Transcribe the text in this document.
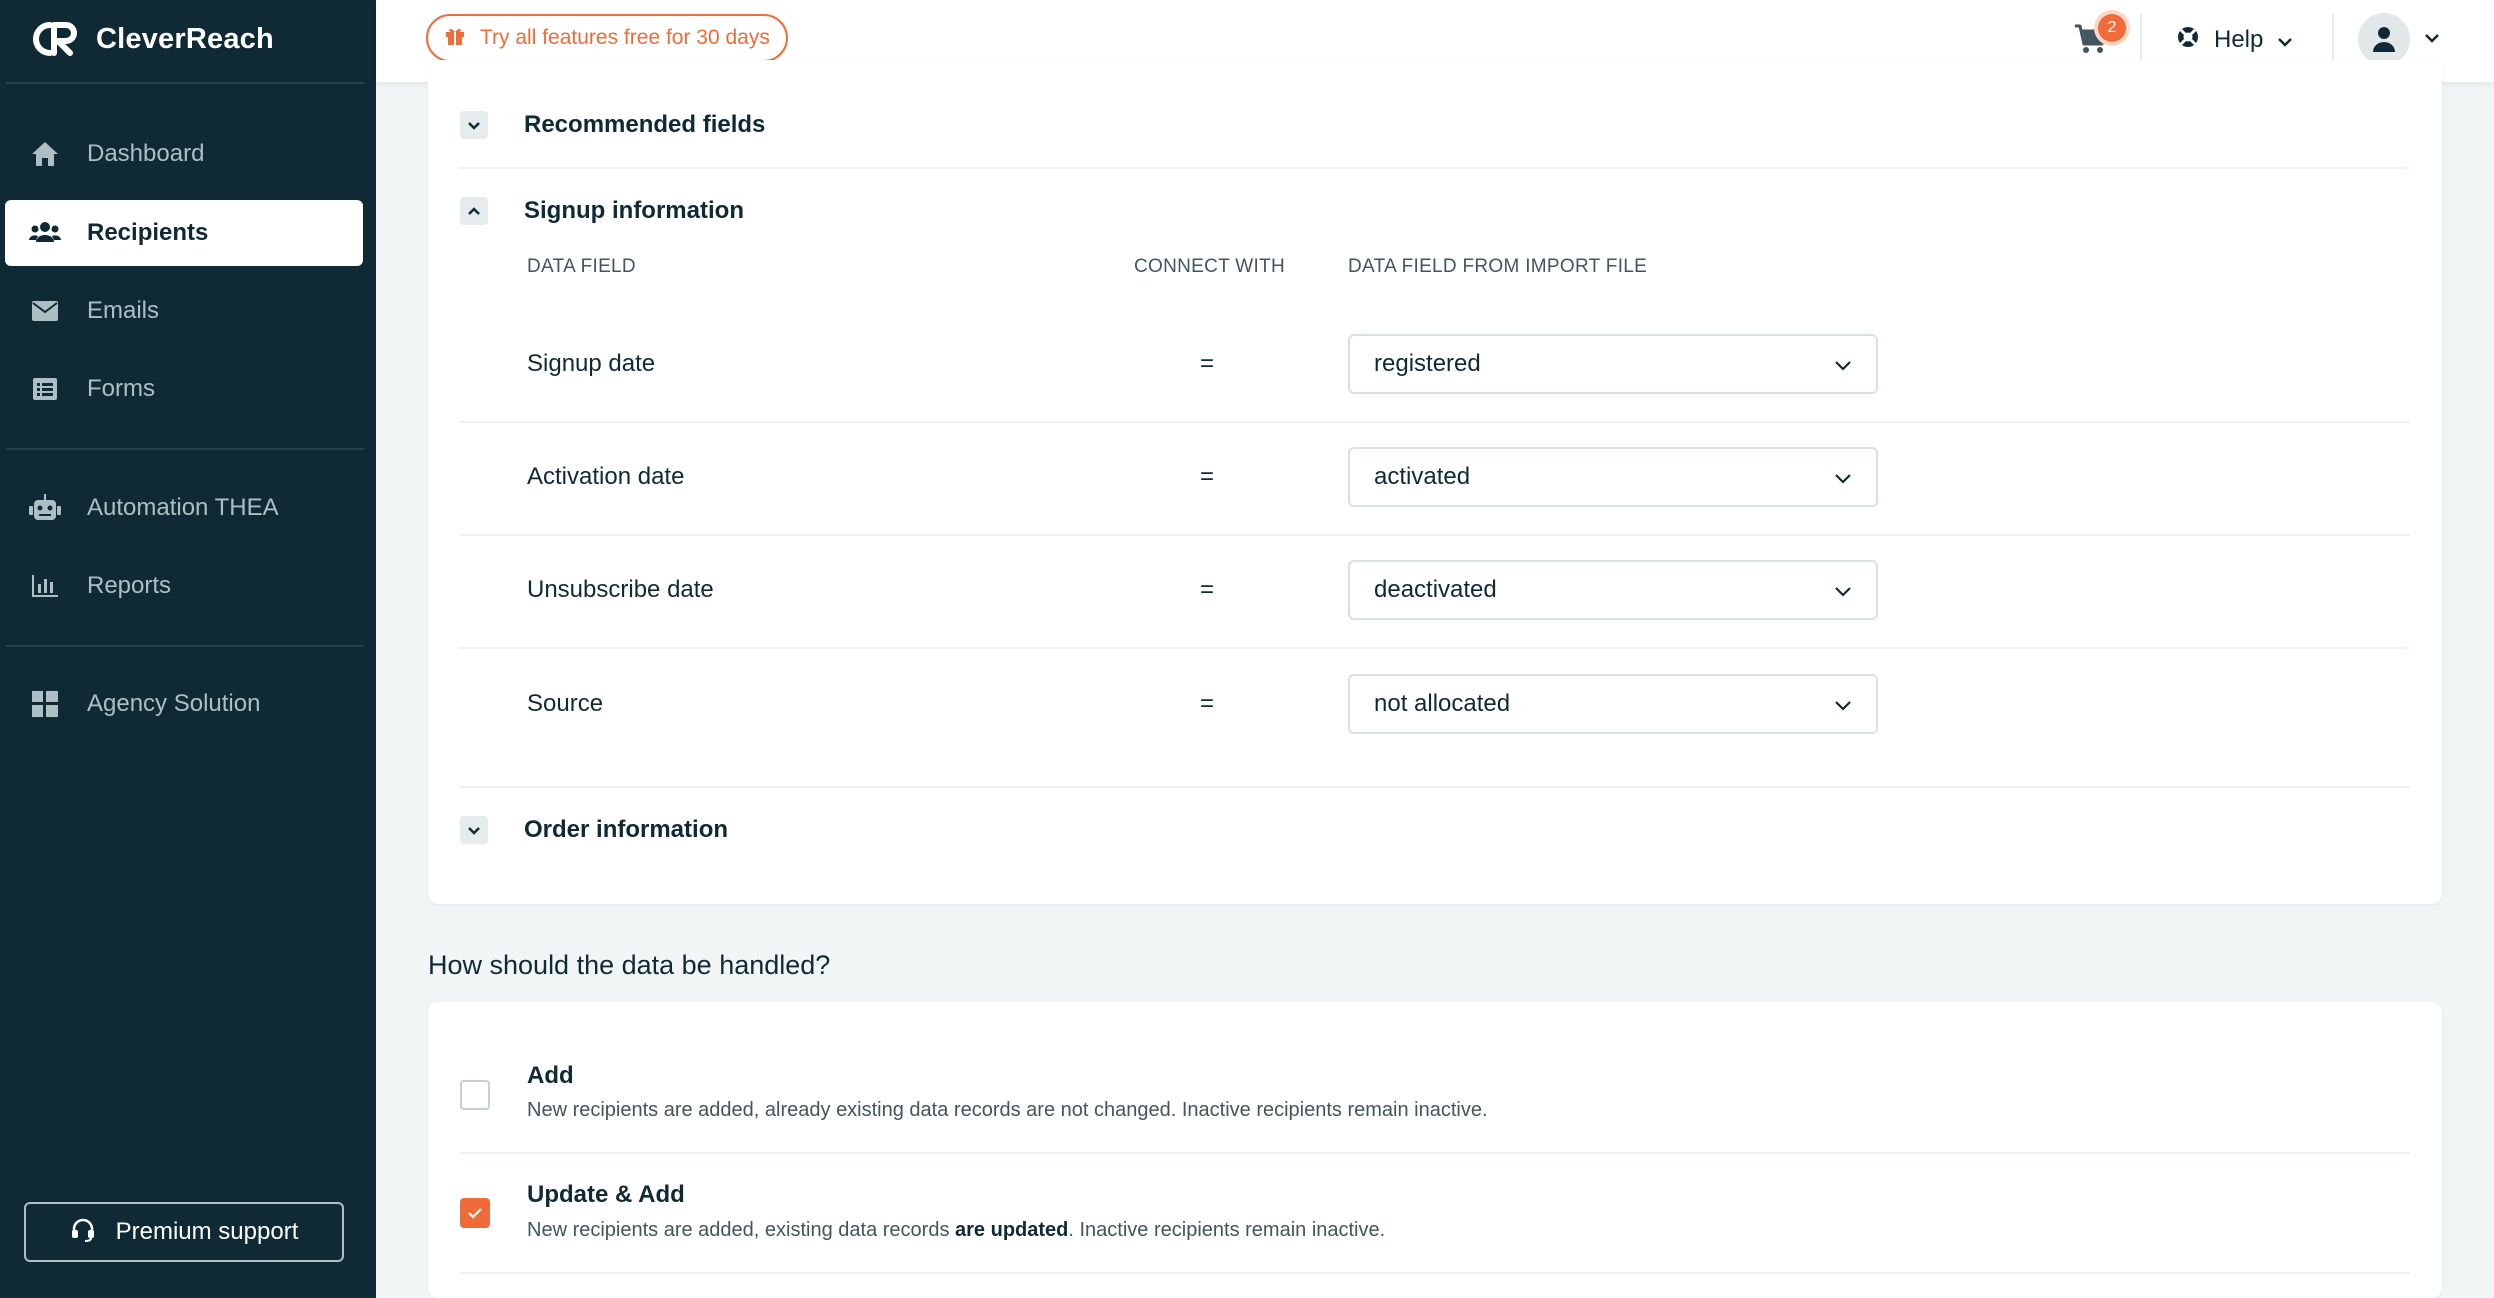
CleverReach
Dashboard
Recipients
Emails
Forms
Automation THEA
Reports
Agency Solution
Premium support
Try all features free for 30 days	2	Help
Recommended fields
Signup information
DATA FIELD	CONNECT WITH	DATA FIELD FROM IMPORT FILE
Signup date	=	registered
Activation date	=	activated
Unsubscribe date	=	deactivated
Source	=	not allocated
Order information
How should the data be handled?
Add
New recipients are added, already existing data records are not changed. Inactive recipients remain inactive.
Update & Add
New recipients are added, existing data records are updated. Inactive recipients remain inactive.
